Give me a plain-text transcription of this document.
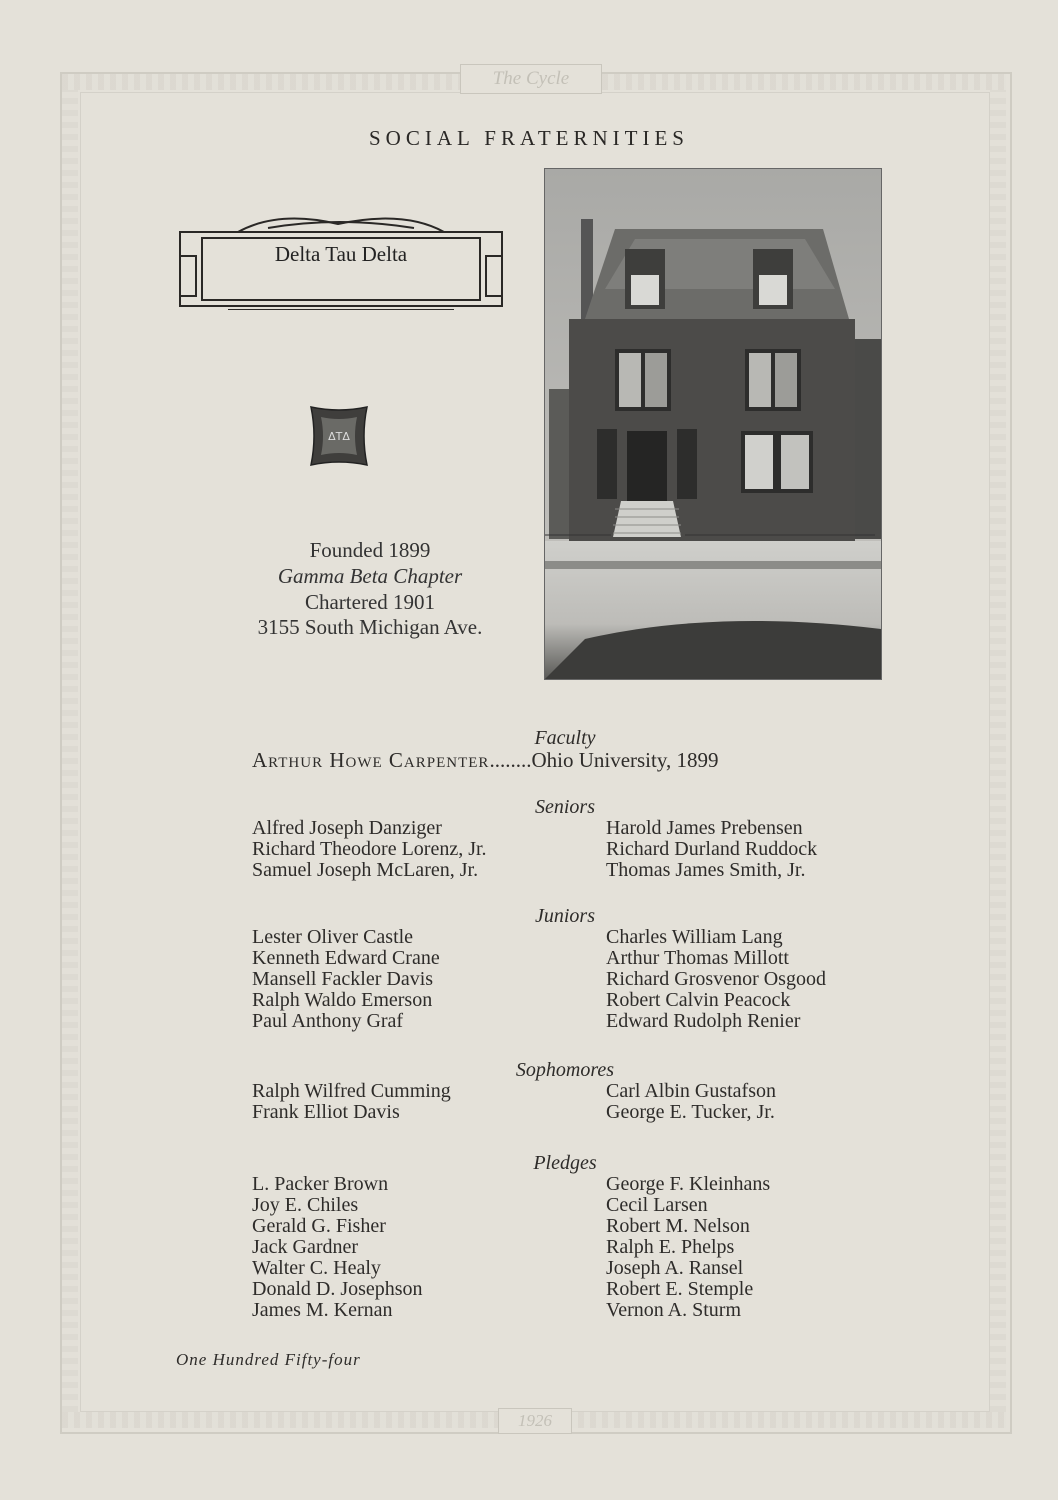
The Cycle
1926
SOCIAL FRATERNITIES
Delta Tau Delta
ΔΤΔ
Founded 1899
Gamma Beta Chapter
Chartered 1901
3155 South Michigan Ave.
Faculty
Arthur Howe Carpenter........Ohio University, 1899
Seniors
Alfred Joseph Danziger
Richard Theodore Lorenz, Jr.
Samuel Joseph McLaren, Jr.
Harold James Prebensen
Richard Durland Ruddock
Thomas James Smith, Jr.
Juniors
Lester Oliver Castle
Kenneth Edward Crane
Mansell Fackler Davis
Ralph Waldo Emerson
Paul Anthony Graf
Charles William Lang
Arthur Thomas Millott
Richard Grosvenor Osgood
Robert Calvin Peacock
Edward Rudolph Renier
Sophomores
Ralph Wilfred Cumming
Frank Elliot Davis
Carl Albin Gustafson
George E. Tucker, Jr.
Pledges
L. Packer Brown
Joy E. Chiles
Gerald G. Fisher
Jack Gardner
Walter C. Healy
Donald D. Josephson
James M. Kernan
George F. Kleinhans
Cecil Larsen
Robert M. Nelson
Ralph E. Phelps
Joseph A. Ransel
Robert E. Stemple
Vernon A. Sturm
One Hundred Fifty-four
